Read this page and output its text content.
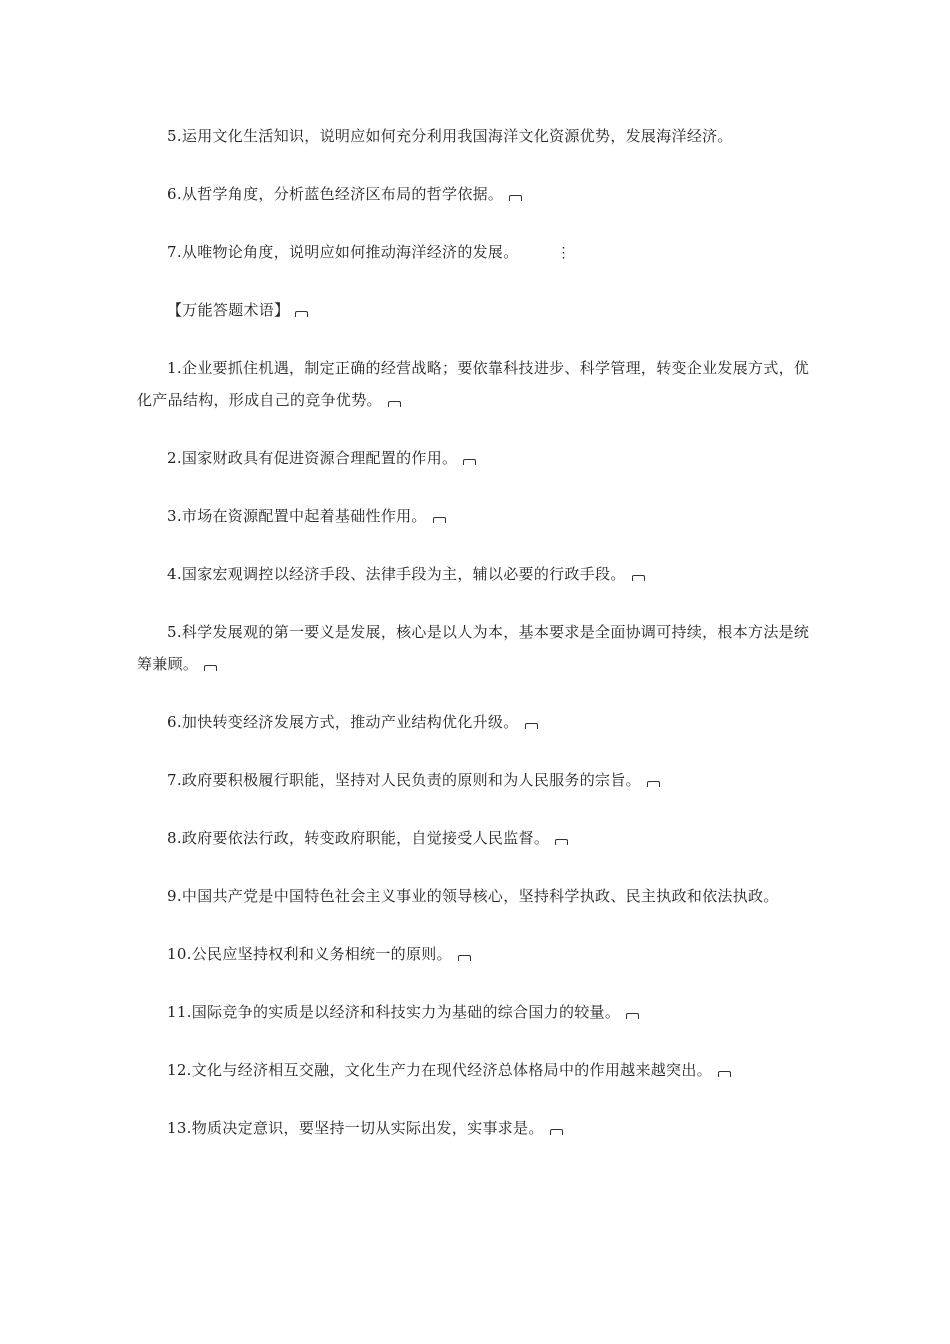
5.运用文化生活知识，说明应如何充分利用我国海洋文化资源优势，发展海洋经济。

6.从哲学角度，分析蓝色经济区布局的哲学依据。

7.从唯物论角度，说明应如何推动海洋经济的发展。	⋮

【万能答题术语】

1.企业要抓住机遇，制定正确的经营战略；要依靠科技进步、科学管理，转变企业发展方式，优化产品结构，形成自己的竞争优势。

2.国家财政具有促进资源合理配置的作用。

3.市场在资源配置中起着基础性作用。

4.国家宏观调控以经济手段、法律手段为主，辅以必要的行政手段。

5.科学发展观的第一要义是发展，核心是以人为本，基本要求是全面协调可持续，根本方法是统筹兼顾。

6.加快转变经济发展方式，推动产业结构优化升级。

7.政府要积极履行职能，坚持对人民负责的原则和为人民服务的宗旨。

8.政府要依法行政，转变政府职能，自觉接受人民监督。

9.中国共产党是中国特色社会主义事业的领导核心，坚持科学执政、民主执政和依法执政。

10.公民应坚持权利和义务相统一的原则。

11.国际竞争的实质是以经济和科技实力为基础的综合国力的较量。

12.文化与经济相互交融，文化生产力在现代经济总体格局中的作用越来越突出。

13.物质决定意识，要坚持一切从实际出发，实事求是。
